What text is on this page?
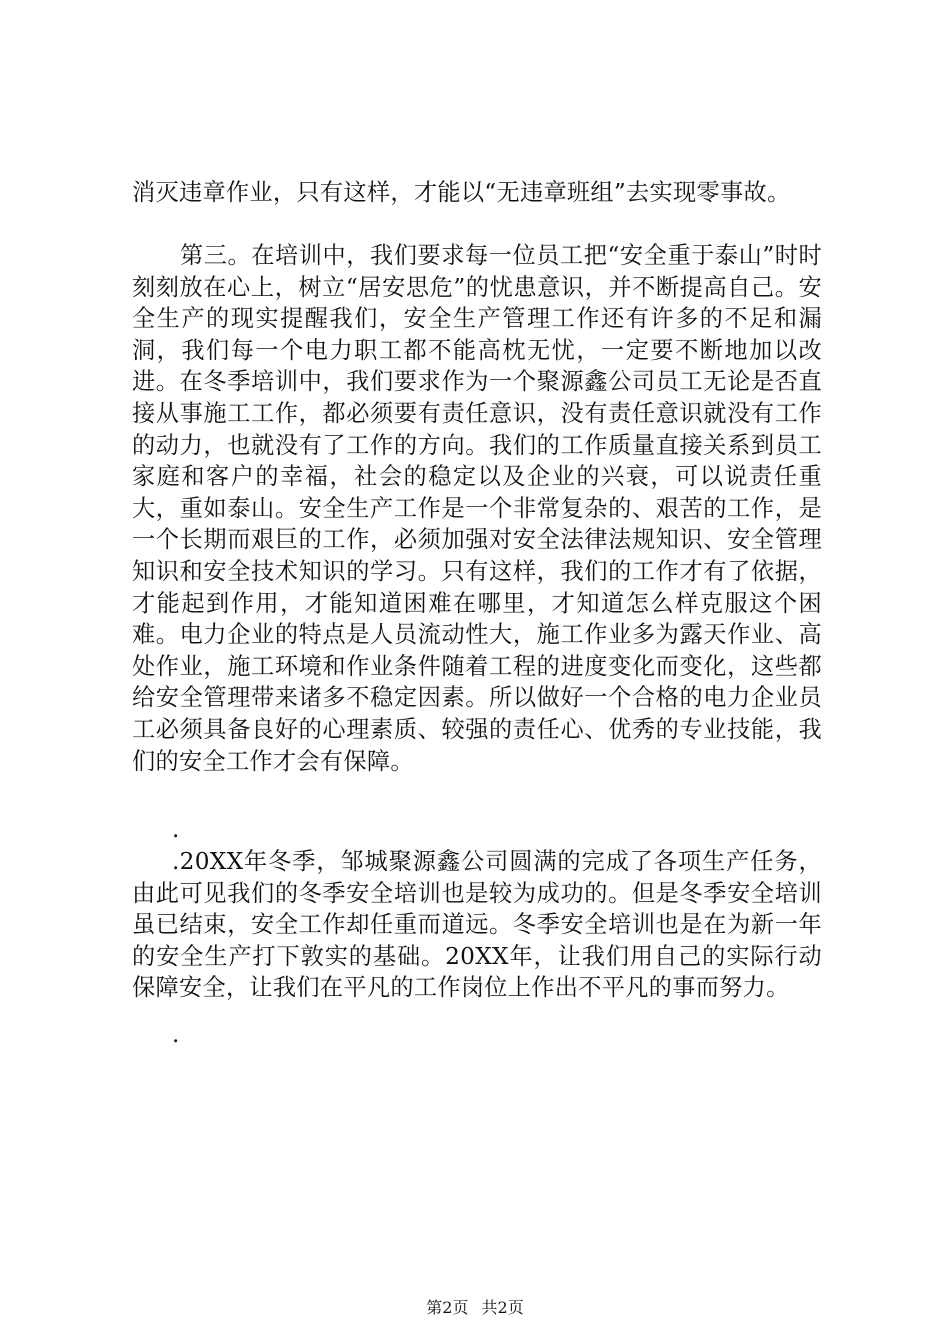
消灭违章作业，只有这样，才能以“无违章班组”去实现零事故。
第三。在培训中，我们要求每一位员工把“安全重于泰山”时时刻刻放在心上，树立“居安思危”的忧患意识，并不断提高自己。安全生产的现实提醒我们，安全生产管理工作还有许多的不足和漏洞，我们每一个电力职工都不能高枕无忧，一定要不断地加以改进。在冬季培训中，我们要求作为一个聚源鑫公司员工无论是否直接从事施工工作，都必须要有责任意识，没有责任意识就没有工作的动力，也就没有了工作的方向。我们的工作质量直接关系到员工家庭和客户的幸福，社会的稳定以及企业的兴衰，可以说责任重大，重如泰山。安全生产工作是一个非常复杂的、艰苦的工作，是一个长期而艰巨的工作，必须加强对安全法律法规知识、安全管理知识和安全技术知识的学习。只有这样，我们的工作才有了依据，才能起到作用，才能知道困难在哪里，才知道怎么样克服这个困难。电力企业的特点是人员流动性大，施工作业多为露天作业、高处作业，施工环境和作业条件随着工程的进度变化而变化，这些都给安全管理带来诸多不稳定因素。所以做好一个合格的电力企业员工必须具备良好的心理素质、较强的责任心、优秀的专业技能，我们的安全工作才会有保障。
.
.20XX年冬季，邹城聚源鑫公司圆满的完成了各项生产任务，由此可见我们的冬季安全培训也是较为成功的。但是冬季安全培训虽已结束，安全工作却任重而道远。冬季安全培训也是在为新一年的安全生产打下敦实的基础。20XX年，让我们用自己的实际行动保障安全，让我们在平凡的工作岗位上作出不平凡的事而努力。
.
第2页 共2页
